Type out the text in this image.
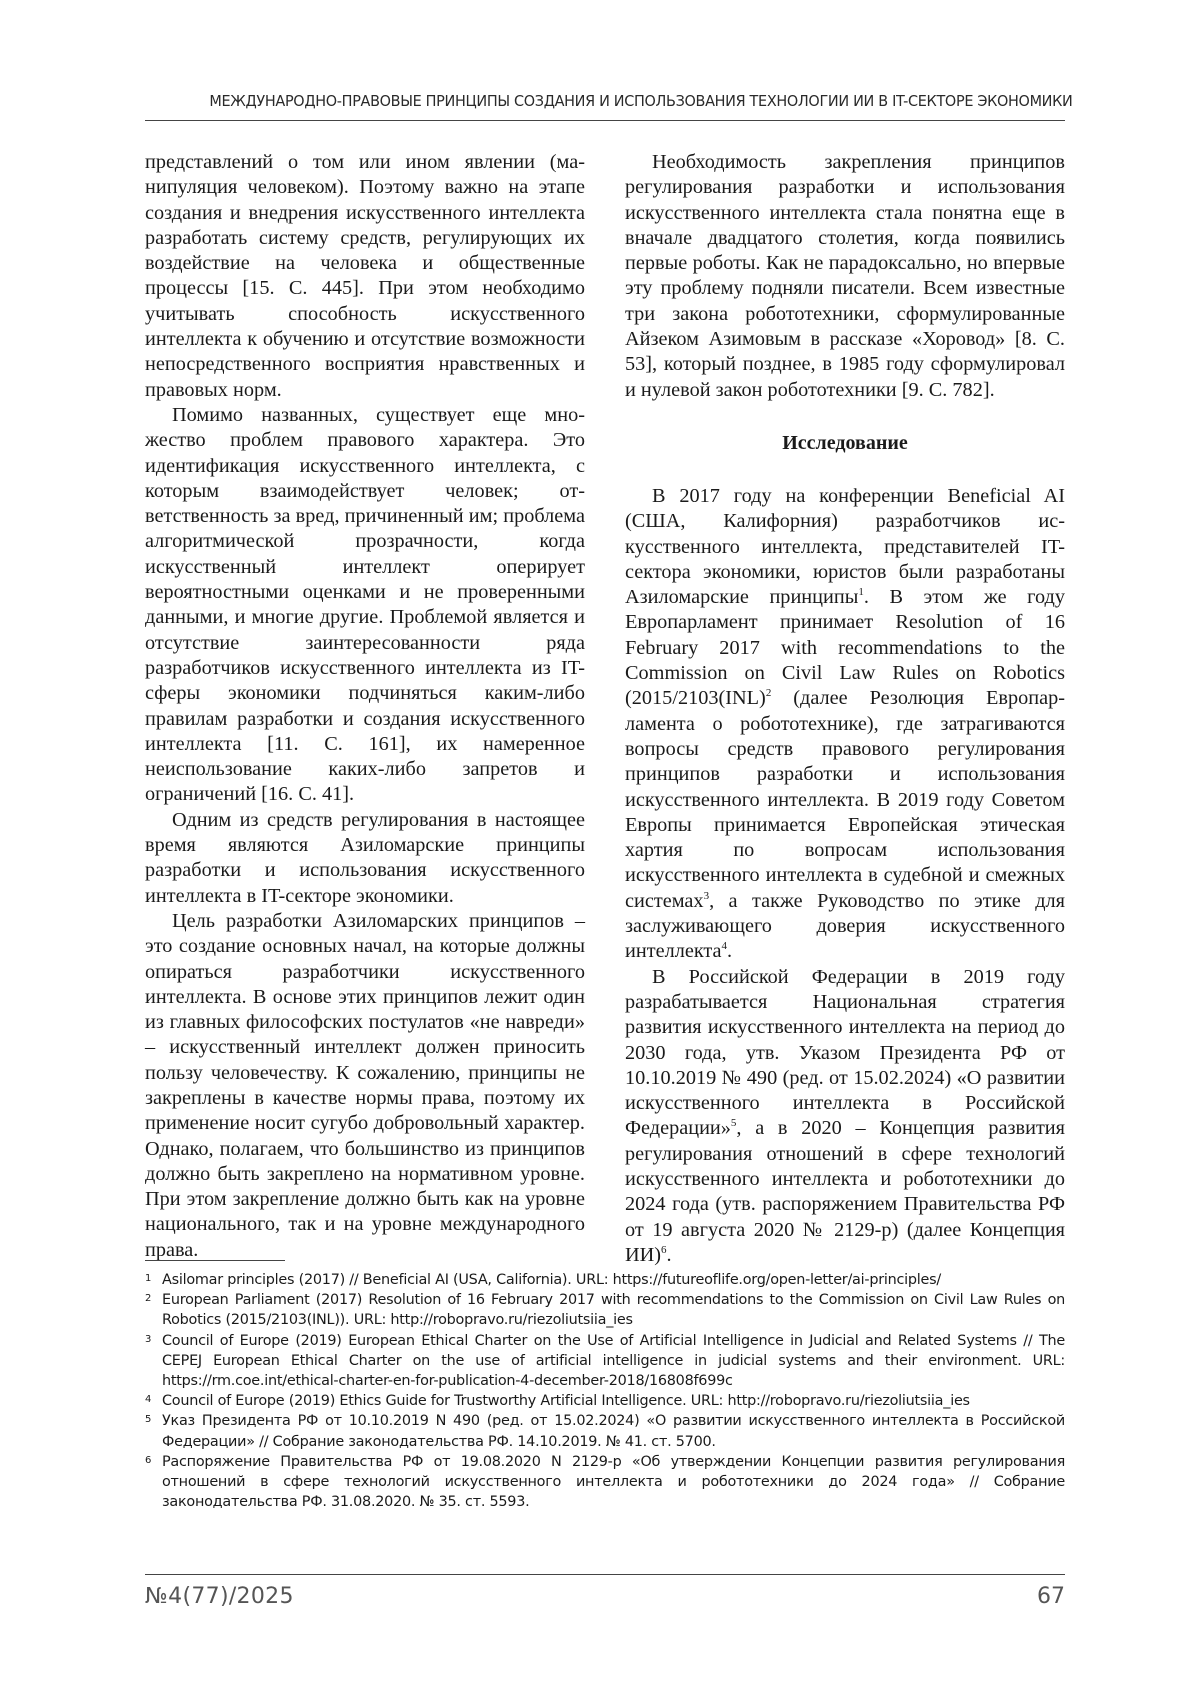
МЕЖДУНАРОДНО-ПРАВОВЫЕ ПРИНЦИПЫ СОЗДАНИЯ И ИСПОЛЬЗОВАНИЯ ТЕХНОЛОГИИ ИИ В IT-СЕКТОРЕ ЭКОНОМИКИ

представлений о том или ином явлении (манипуляция человеком). Поэтому важно на этапе создания и внедрения искусственного интеллекта разработать систему средств, регулирующих их воздействие на человека и общественные процессы [15. С. 445]. При этом необходимо учитывать способность искусственного интеллекта к обучению и отсутствие возможности непосредственного восприятия нравственных и правовых норм.

Помимо названных, существует еще множество проблем правового характера. Это идентификация искусственного интеллекта, с которым взаимодействует человек; ответственность за вред, причиненный им; проблема алгоритмической прозрачности, когда искусственный интеллект оперирует вероятностными оценками и не проверенными данными, и многие другие. Проблемой является и отсутствие заинтересованности ряда разработчиков искусственного интеллекта из IT-сферы экономики подчиняться каким-либо правилам разработки и создания искусственного интеллекта [11. С. 161], их намеренное неиспользование каких-либо запретов и ограничений [16. С. 41].

Одним из средств регулирования в настоящее время являются Азиломарские принципы разработки и использования искусственного интеллекта в IT-секторе экономики.

Цель разработки Азиломарских принципов – это создание основных начал, на которые должны опираться разработчики искусственного интеллекта. В основе этих принципов лежит один из главных философских постулатов «не навреди» – искусственный интеллект должен приносить пользу человечеству. К сожалению, принципы не закреплены в качестве нормы права, поэтому их применение носит сугубо добровольный характер. Однако, полагаем, что большинство из принципов должно быть закреплено на нормативном уровне. При этом закрепление должно быть как на уровне национального, так и на уровне международного права.

Необходимость закрепления принципов регулирования разработки и использования искусственного интеллекта стала понятна еще в вначале двадцатого столетия, когда появились первые роботы. Как не парадоксально, но впервые эту проблему подняли писатели. Всем известные три закона робототехники, сформулированные Айзеком Азимовым в рассказе «Хоровод» [8. С. 53], который позднее, в 1985 году сформулировал и нулевой закон робототехники [9. С. 782].

Исследование

В 2017 году на конференции Beneficial AI (США, Калифорния) разработчиков искусственного интеллекта, представителей IT-сектора экономики, юристов были разработаны Азиломарские принципы$^1$. В этом же году Европарламент принимает Resolution of 16 February 2017 with recommendations to the Commission on Civil Law Rules on Robotics (2015/2103(INL)$^2$ (далее Резолюция Европарламента о робототехнике), где затрагиваются вопросы средств правового регулирования принципов разработки и использования искусственного интеллекта. В 2019 году Советом Европы принимается Европейская этическая хартия по вопросам использования искусственного интеллекта в судебной и смежных системах$^3$, а также Руководство по этике для заслуживающего доверия искусственного интеллекта$^4$.

В Российской Федерации в 2019 году разрабатывается Национальная стратегия развития искусственного интеллекта на период до 2030 года, утв. Указом Президента РФ от 10.10.2019 № 490 (ред. от 15.02.2024) «О развитии искусственного интеллекта в Российской Федерации»$^5$, а в 2020 – Концепция развития регулирования отношений в сфере технологий искусственного интеллекта и робототехники до 2024 года (утв. распоряжением Правительства РФ от 19 августа 2020 № 2129-р) (далее Концепция ИИ)$^6$.

1 Asilomar principles (2017) // Beneficial AI (USA, California). URL: https://futureoflife.org/open-letter/ai-principles/
2 European Parliament (2017) Resolution of 16 February 2017 with recommendations to the Commission on Civil Law Rules on Robotics (2015/2103(INL)). URL: http://robopravo.ru/riezoliutsiia_ies
3 Council of Europe (2019) European Ethical Charter on the Use of Artificial Intelligence in Judicial and Related Systems // The CEPEJ European Ethical Charter on the use of artificial intelligence in judicial systems and their environment. URL: https://rm.coe.int/ethical-charter-en-for-publication-4-december-2018/16808f699c
4 Council of Europe (2019) Ethics Guide for Trustworthy Artificial Intelligence. URL: http://robopravo.ru/riezoliutsiia_ies
5 Указ Президента РФ от 10.10.2019 N 490 (ред. от 15.02.2024) «О развитии искусственного интеллекта в Российской Федерации» // Собрание законодательства РФ. 14.10.2019. № 41. ст. 5700.
6 Распоряжение Правительства РФ от 19.08.2020 N 2129-р «Об утверждении Концепции развития регулирования отношений в сфере технологий искусственного интеллекта и робототехники до 2024 года» // Собрание законодательства РФ. 31.08.2020. № 35. ст. 5593.
№4(77)/2025	67
